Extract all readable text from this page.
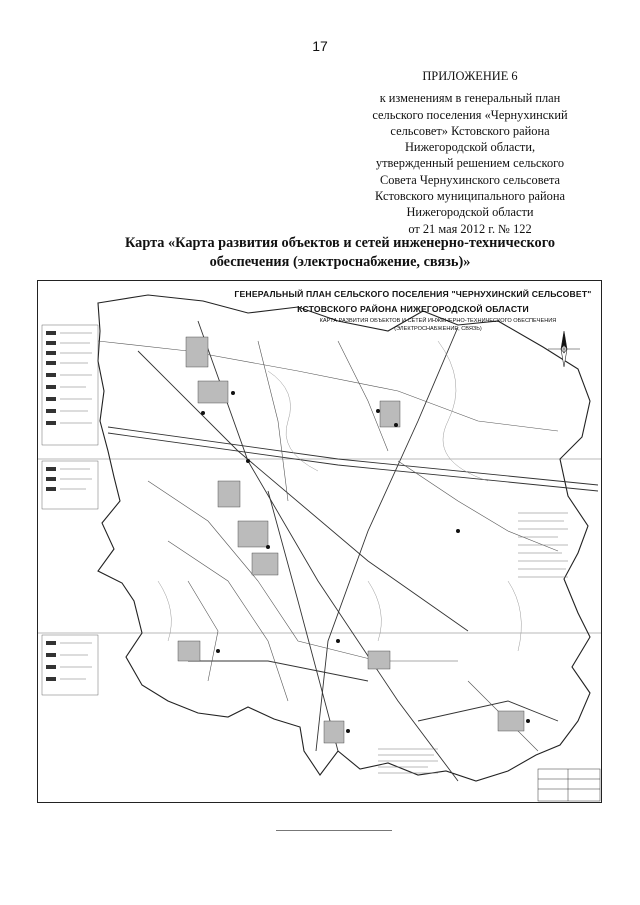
17
ПРИЛОЖЕНИЕ 6
к изменениям в генеральный план
сельского поселения «Чернухинский
сельсовет» Кстовского района
Нижегородской области,
утвержденный решением сельского
Совета Чернухинского сельсовета
Кстовского муниципального района
Нижегородской области
от 21 мая 2012 г. № 122
Карта «Карта развития объектов и сетей инженерно-технического
обеспечения (электроснабжение, связь)»
ГЕНЕРАЛЬНЫЙ ПЛАН СЕЛЬСКОГО ПОСЕЛЕНИЯ "ЧЕРНУХИНСКИЙ СЕЛЬСОВЕТ"
КСТОВСКОГО РАЙОНА НИЖЕГОРОДСКОЙ ОБЛАСТИ
КАРТА РАЗВИТИЯ ОБЪЕКТОВ И СЕТЕЙ ИНЖЕНЕРНО-ТЕХНИЧЕСКОГО ОБЕСПЕЧЕНИЯ
(ЭЛЕКТРОСНАБЖЕНИЕ, СВЯЗЬ)
